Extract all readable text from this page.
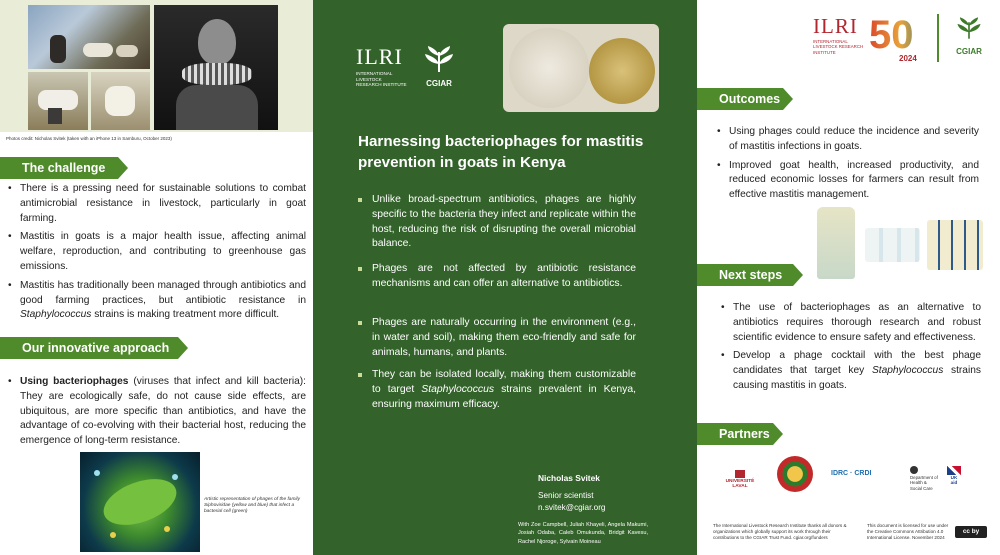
Photos credit: Nicholas Svitek (taken with an iPhone 13 in Samburu, October 2023)
The challenge
• There is a pressing need for sustainable solutions to combat antimicrobial resistance in livestock, particularly in goat farming.
• Mastitis in goats is a major health issue, affecting animal welfare, reproduction, and contributing to greenhouse gas emissions.
• Mastitis has traditionally been managed through antibiotics and good farming practices, but antibiotic resistance in Staphylococcus strains is making treatment more difficult.
Our innovative approach
• Using bacteriophages (viruses that infect and kill bacteria): They are ecologically safe, do not cause side effects, are ubiquitous, are more specific than antibiotics, and have the advantage of co-evolving with their bacterial host, reducing the emergence of long-term resistance.
Artistic representation of phages of the family Siphoviridae (yellow and blue) that infect a bacterial cell (green)
ILRI
INTERNATIONAL LIVESTOCK RESEARCH INSTITUTE	CGIAR
Harnessing bacteriophages for mastitis prevention in goats in Kenya
Unlike broad-spectrum antibiotics, phages are highly specific to the bacteria they infect and replicate within the host, reducing the risk of disrupting the overall microbial balance.
Phages are not affected by antibiotic resistance mechanisms and can offer an alternative to antibiotics.
Phages are naturally occurring in the environment (e.g., in water and soil), making them eco-friendly and safe for animals, humans, and plants.
They can be isolated locally, making them customizable to target Staphylococcus strains prevalent in Kenya, ensuring maximum efficacy.
Nicholas Svitek
Senior scientist
n.svitek@cgiar.org
With Zoe Campbell, Juliah Khayeli, Angela Makumi, Josiah Odaba, Caleb Omukunda, Bridgit Kavesu, Rachel Njoroge, Sylvain Moineau
ILRI
INTERNATIONAL LIVESTOCK RESEARCH INSTITUTE 50
2024
CGIAR
Outcomes
• Using phages could reduce the incidence and severity of mastitis infections in goats.
• Improved goat health, increased productivity, and reduced economic losses for farmers can result from effective mastitis management.
Next steps
• The use of bacteriophages as an alternative to antibiotics requires thorough research and robust scientific evidence to ensure safety and effectiveness.
• Develop a phage cocktail with the best phage candidates that target key Staphylococcus strains causing mastitis in goats.
Partners
UNIVERSITÉ LAVAL
IDRC · CRDI
Department of Health & Social Care
UK aid
The International Livestock Research Institute thanks all donors & organizations which globally support its work through their contributions to the CGIAR Trust Fund. cgiar.org/funders
This document is licensed for use under the Creative Commons Attribution 4.0 International License. November 2024
cc by
